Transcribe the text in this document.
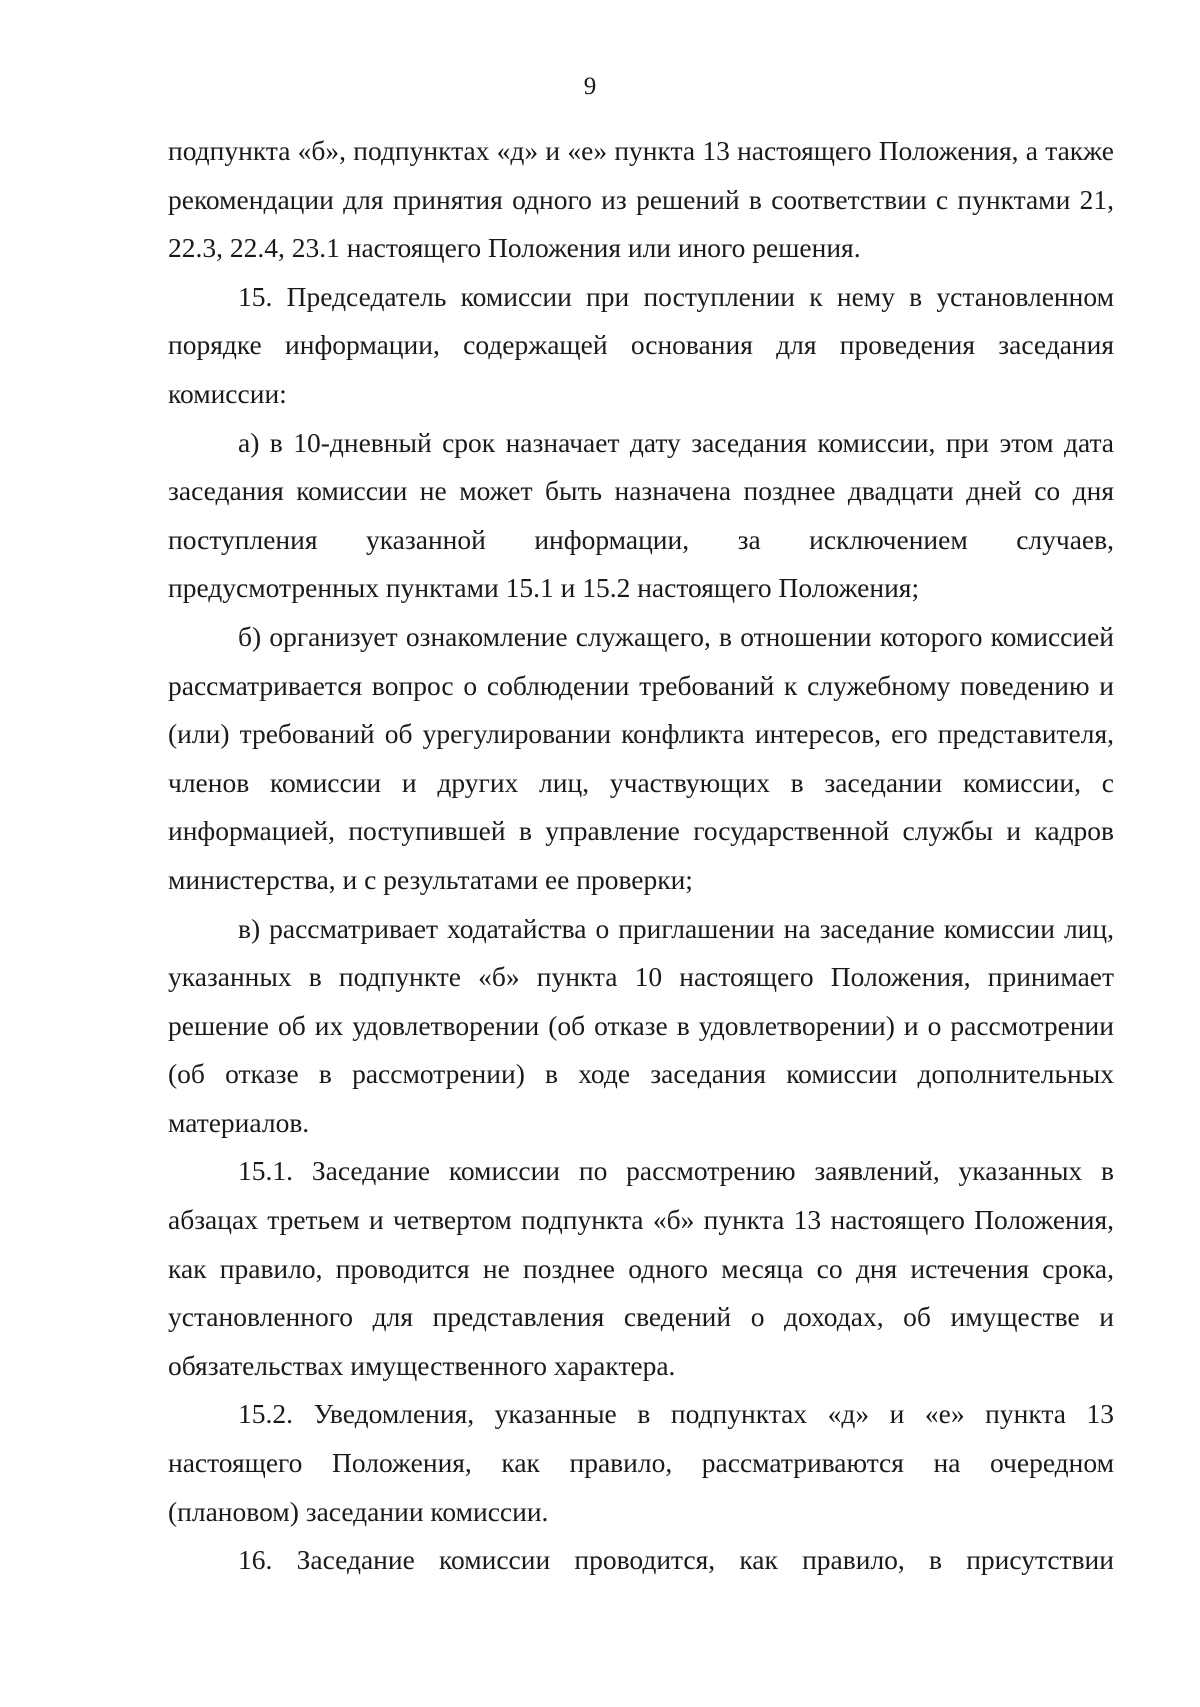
9

подпункта «б», подпунктах «д» и «е» пункта 13 настоящего Положения, а также рекомендации для принятия одного из решений в соответствии с пунктами 21, 22.3, 22.4, 23.1 настоящего Положения или иного решения.

15. Председатель комиссии при поступлении к нему в установленном порядке информации, содержащей основания для проведения заседания комиссии:

а) в 10-дневный срок назначает дату заседания комиссии, при этом дата заседания комиссии не может быть назначена позднее двадцати дней со дня поступления указанной информации, за исключением случаев, предусмотренных пунктами 15.1 и 15.2 настоящего Положения;

б) организует ознакомление служащего, в отношении которого комиссией рассматривается вопрос о соблюдении требований к служебному поведению и (или) требований об урегулировании конфликта интересов, его представителя, членов комиссии и других лиц, участвующих в заседании комиссии, с информацией, поступившей в управление государственной службы и кадров министерства, и с результатами ее проверки;

в) рассматривает ходатайства о приглашении на заседание комиссии лиц, указанных в подпункте «б» пункта 10 настоящего Положения, принимает решение об их удовлетворении (об отказе в удовлетворении) и о рассмотрении (об отказе в рассмотрении) в ходе заседания комиссии дополнительных материалов.

15.1. Заседание комиссии по рассмотрению заявлений, указанных в абзацах третьем и четвертом подпункта «б» пункта 13 настоящего Положения, как правило, проводится не позднее одного месяца со дня истечения срока, установленного для представления сведений о доходах, об имуществе и обязательствах имущественного характера.

15.2. Уведомления, указанные в подпунктах «д» и «е» пункта 13 настоящего Положения, как правило, рассматриваются на очередном (плановом) заседании комиссии.

16. Заседание комиссии проводится, как правило, в присутствии
